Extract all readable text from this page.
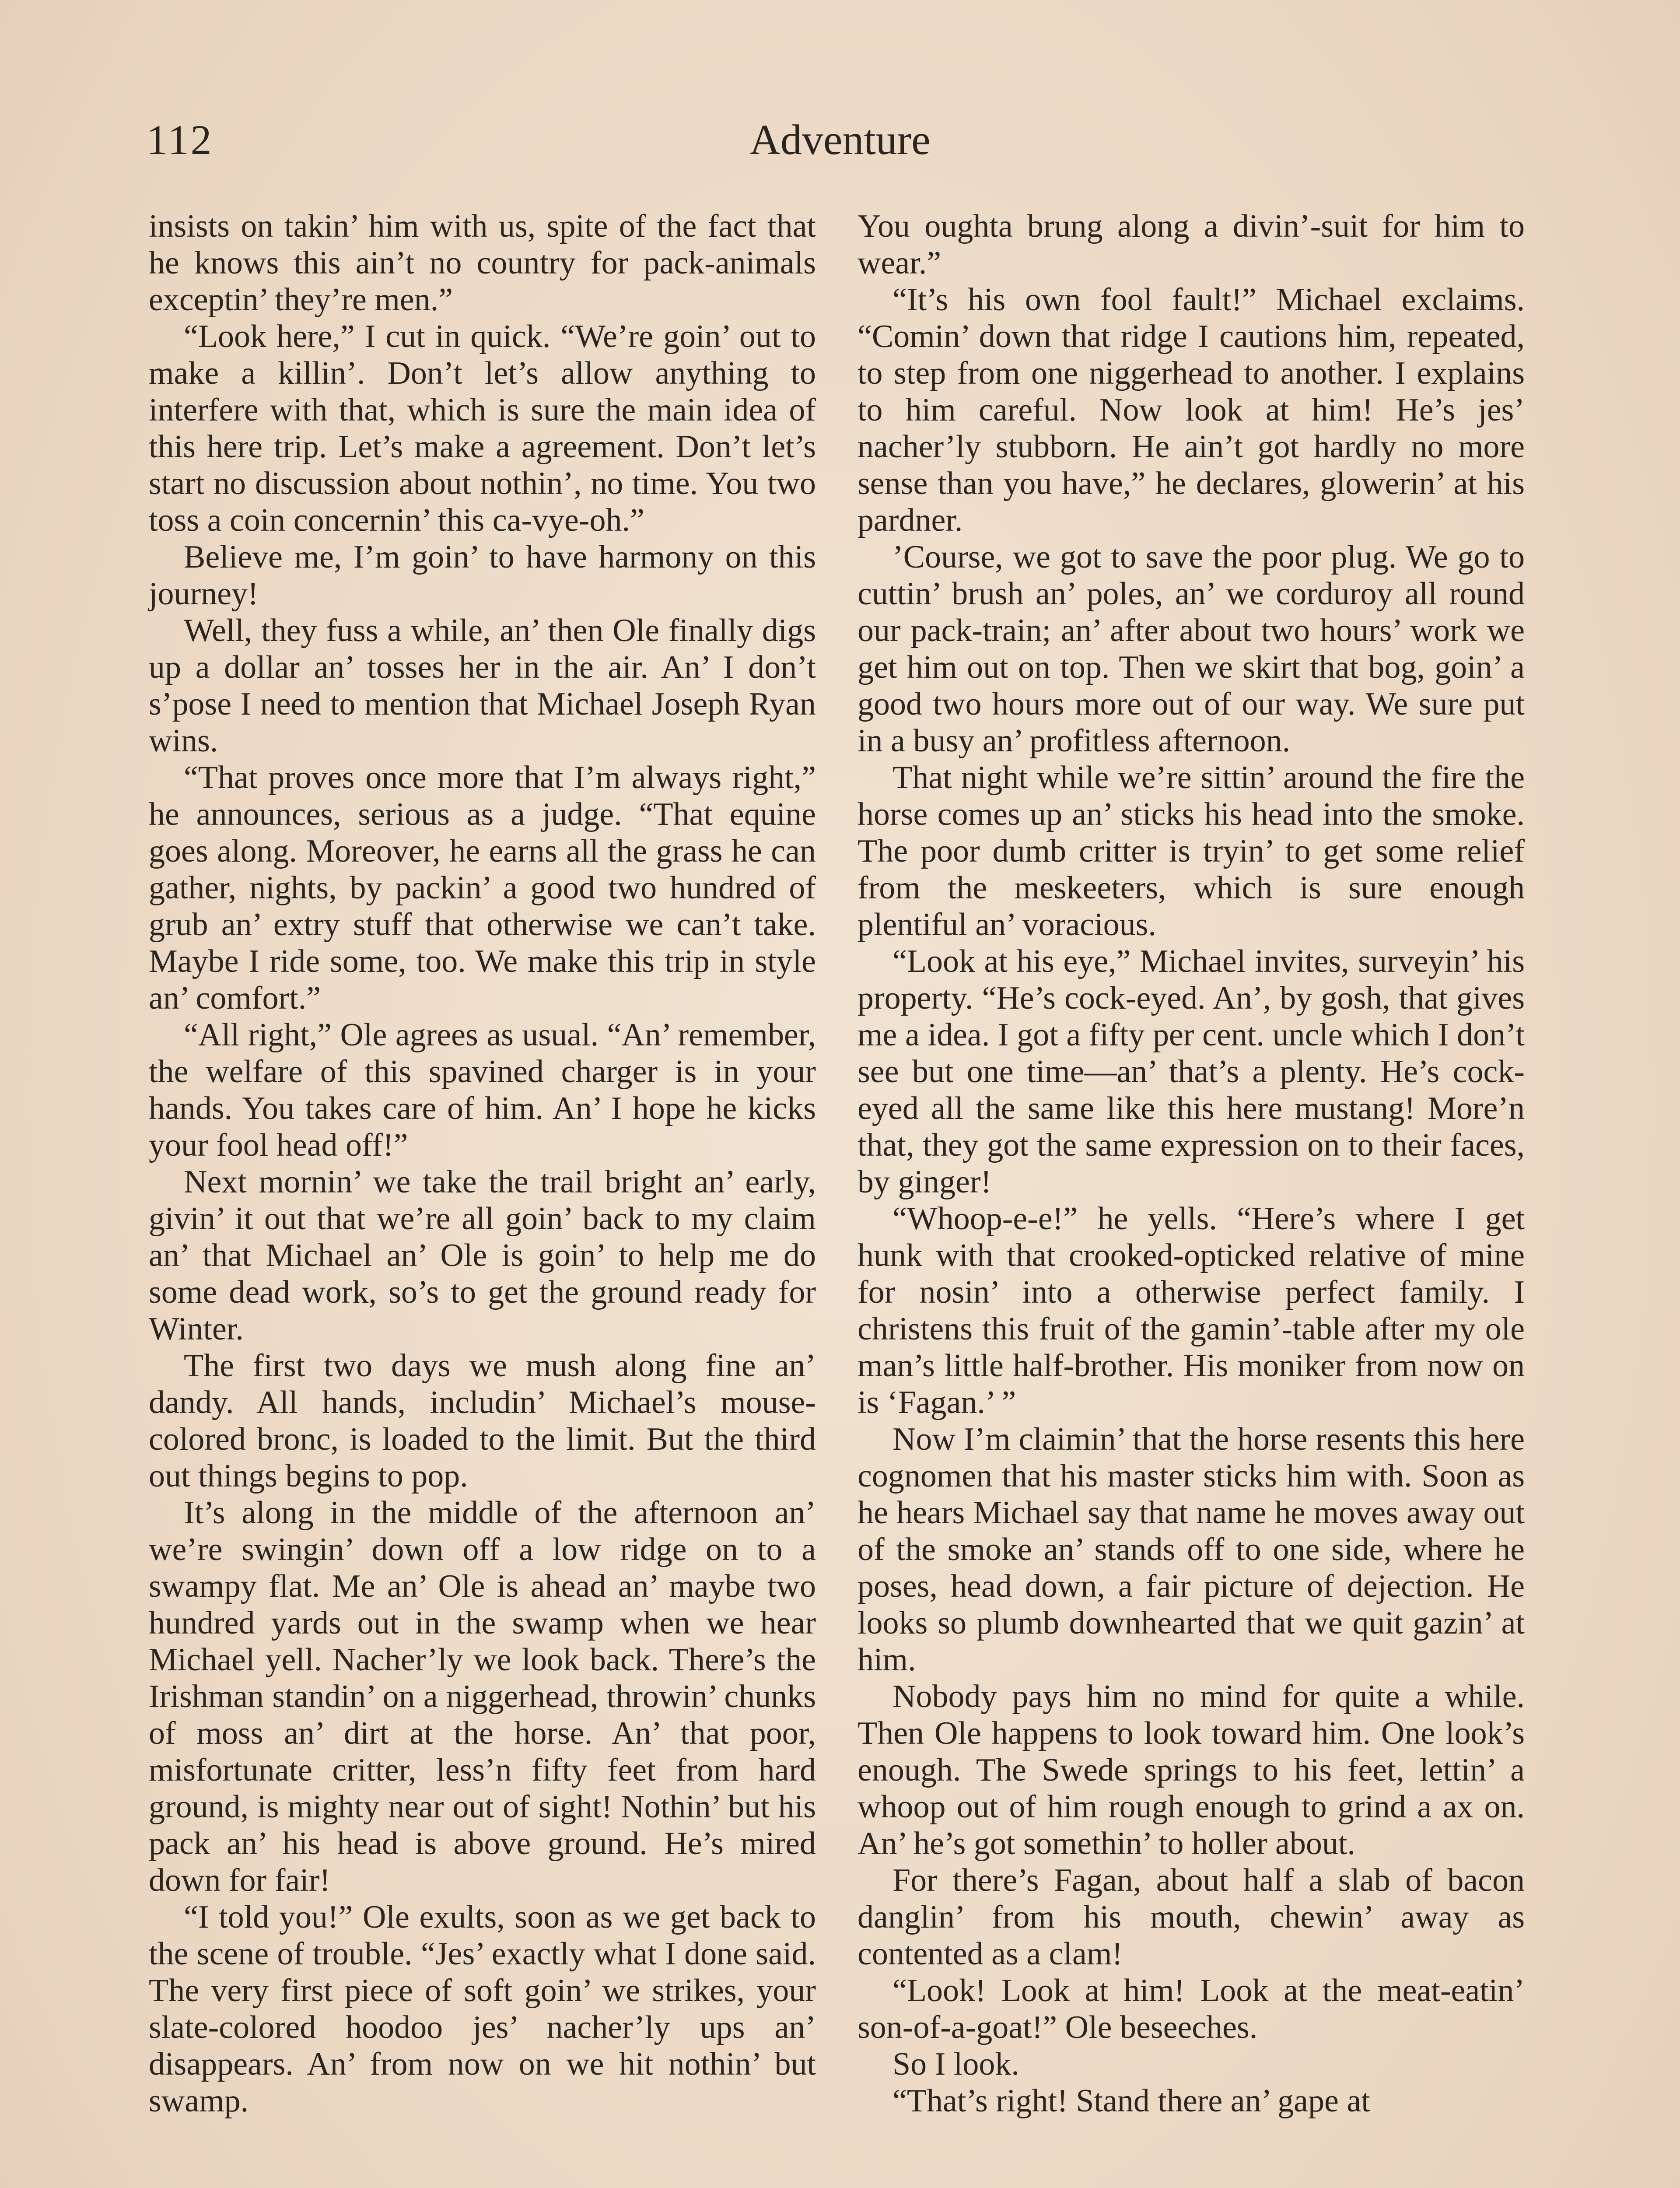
112	Adventure

insists on takin’ him with us, spite of the fact that he knows this ain’t no country for pack-animals exceptin’ they’re men.”

“Look here,” I cut in quick. “We’re goin’ out to make a killin’. Don’t let’s allow anything to interfere with that, which is sure the main idea of this here trip. Let’s make a agreement. Don’t let’s start no discussion about nothin’, no time. You two toss a coin concernin’ this ca-vye-oh.”

Believe me, I’m goin’ to have harmony on this journey!

Well, they fuss a while, an’ then Ole finally digs up a dollar an’ tosses her in the air. An’ I don’t s’pose I need to mention that Michael Joseph Ryan wins.

“That proves once more that I’m always right,” he announces, serious as a judge. “That equine goes along. Moreover, he earns all the grass he can gather, nights, by packin’ a good two hundred of grub an’ extry stuff that otherwise we can’t take. Maybe I ride some, too. We make this trip in style an’ comfort.”

“All right,” Ole agrees as usual. “An’ remember, the welfare of this spavined charger is in your hands. You takes care of him. An’ I hope he kicks your fool head off!”

Next mornin’ we take the trail bright an’ early, givin’ it out that we’re all goin’ back to my claim an’ that Michael an’ Ole is goin’ to help me do some dead work, so’s to get the ground ready for Winter.

The first two days we mush along fine an’ dandy. All hands, includin’ Michael’s mouse-colored bronc, is loaded to the limit. But the third out things begins to pop.

It’s along in the middle of the afternoon an’ we’re swingin’ down off a low ridge on to a swampy flat. Me an’ Ole is ahead an’ maybe two hundred yards out in the swamp when we hear Michael yell. Nacher’ly we look back. There’s the Irishman standin’ on a niggerhead, throwin’ chunks of moss an’ dirt at the horse. An’ that poor, misfortunate critter, less’n fifty feet from hard ground, is mighty near out of sight! Nothin’ but his pack an’ his head is above ground. He’s mired down for fair!

“I told you!” Ole exults, soon as we get back to the scene of trouble. “Jes’ exactly what I done said. The very first piece of soft goin’ we strikes, your slate-colored hoodoo jes’ nacher’ly ups an’ disappears. An’ from now on we hit nothin’ but swamp.

You oughta brung along a divin’-suit for him to wear.”

“It’s his own fool fault!” Michael exclaims. “Comin’ down that ridge I cautions him, repeated, to step from one niggerhead to another. I explains to him careful. Now look at him! He’s jes’ nacher’ly stubborn. He ain’t got hardly no more sense than you have,” he declares, glowerin’ at his pardner.

’Course, we got to save the poor plug. We go to cuttin’ brush an’ poles, an’ we corduroy all round our pack-train; an’ after about two hours’ work we get him out on top. Then we skirt that bog, goin’ a good two hours more out of our way. We sure put in a busy an’ profitless afternoon.

That night while we’re sittin’ around the fire the horse comes up an’ sticks his head into the smoke. The poor dumb critter is tryin’ to get some relief from the meskeeters, which is sure enough plentiful an’ voracious.

“Look at his eye,” Michael invites, surveyin’ his property. “He’s cock-eyed. An’, by gosh, that gives me a idea. I got a fifty per cent. uncle which I don’t see but one time—an’ that’s a plenty. He’s cock-eyed all the same like this here mustang! More’n that, they got the same expression on to their faces, by ginger!

“Whoop-e-e!” he yells. “Here’s where I get hunk with that crooked-opticked relative of mine for nosin’ into a otherwise perfect family. I christens this fruit of the gamin’-table after my ole man’s little half-brother. His moniker from now on is ‘Fagan.’ ”

Now I’m claimin’ that the horse resents this here cognomen that his master sticks him with. Soon as he hears Michael say that name he moves away out of the smoke an’ stands off to one side, where he poses, head down, a fair picture of dejection. He looks so plumb downhearted that we quit gazin’ at him.

Nobody pays him no mind for quite a while. Then Ole happens to look toward him. One look’s enough. The Swede springs to his feet, lettin’ a whoop out of him rough enough to grind a ax on. An’ he’s got somethin’ to holler about.

For there’s Fagan, about half a slab of bacon danglin’ from his mouth, chewin’ away as contented as a clam!

“Look! Look at him! Look at the meat-eatin’ son-of-a-goat!” Ole beseeches.

So I look.

“That’s right! Stand there an’ gape at
